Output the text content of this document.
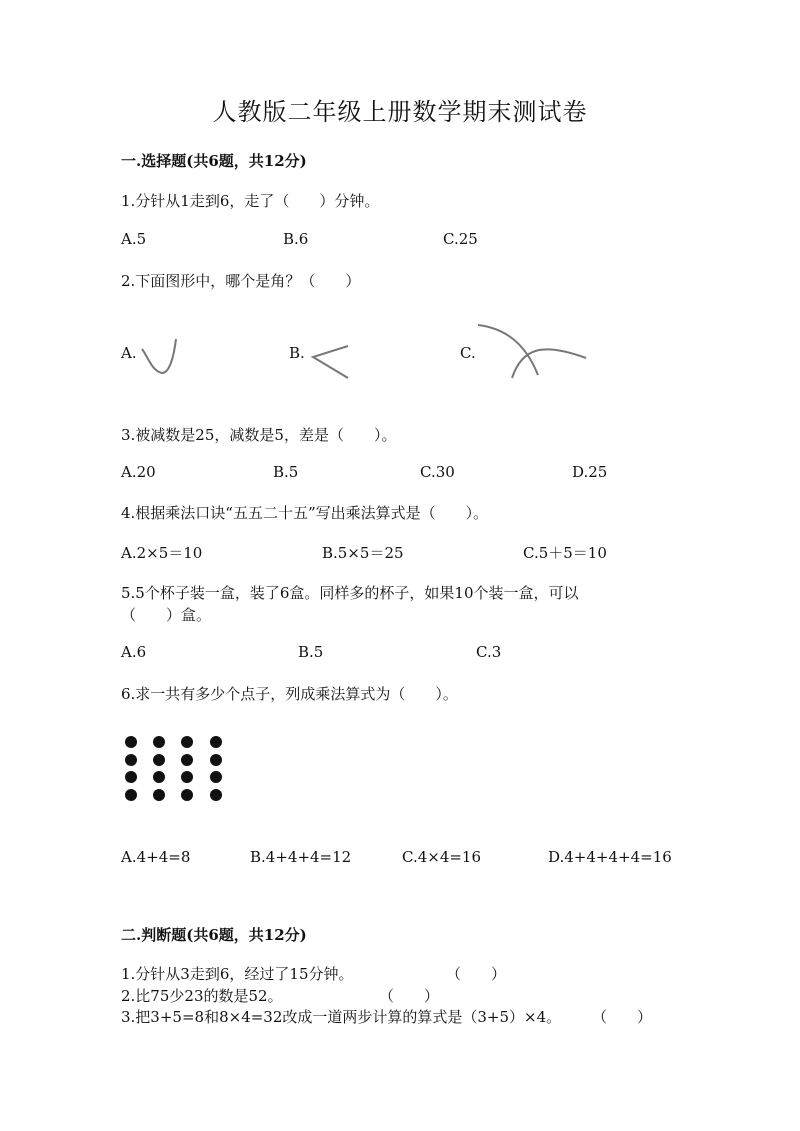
人教版二年级上册数学期末测试卷
一.选择题(共6题，共12分)
1.分针从1走到6，走了（　　）分钟。
A.5	B.6	C.25
2.下面图形中，哪个是角？（　　）
A.	B.	C.
3.被减数是25，减数是5，差是（　　）。
A.20	B.5	C.30	D.25
4.根据乘法口诀“五五二十五”写出乘法算式是（　　）。
A.2×5＝10	B.5×5＝25	C.5＋5＝10
5.5个杯子装一盒，装了6盒。同样多的杯子，如果10个装一盒，可以
（　　）盒。
A.6	B.5	C.3
6.求一共有多少个点子，列成乘法算式为（　　）。
A.4+4=8	B.4+4+4=12	C.4×4=16	D.4+4+4+4=16
二.判断题(共6题，共12分)
1.分针从3走到6，经过了15分钟。	（　　）
2.比75少23的数是52。	（　　）
3.把3+5=8和8×4=32改成一道两步计算的算式是（3+5）×4。 （　　）
